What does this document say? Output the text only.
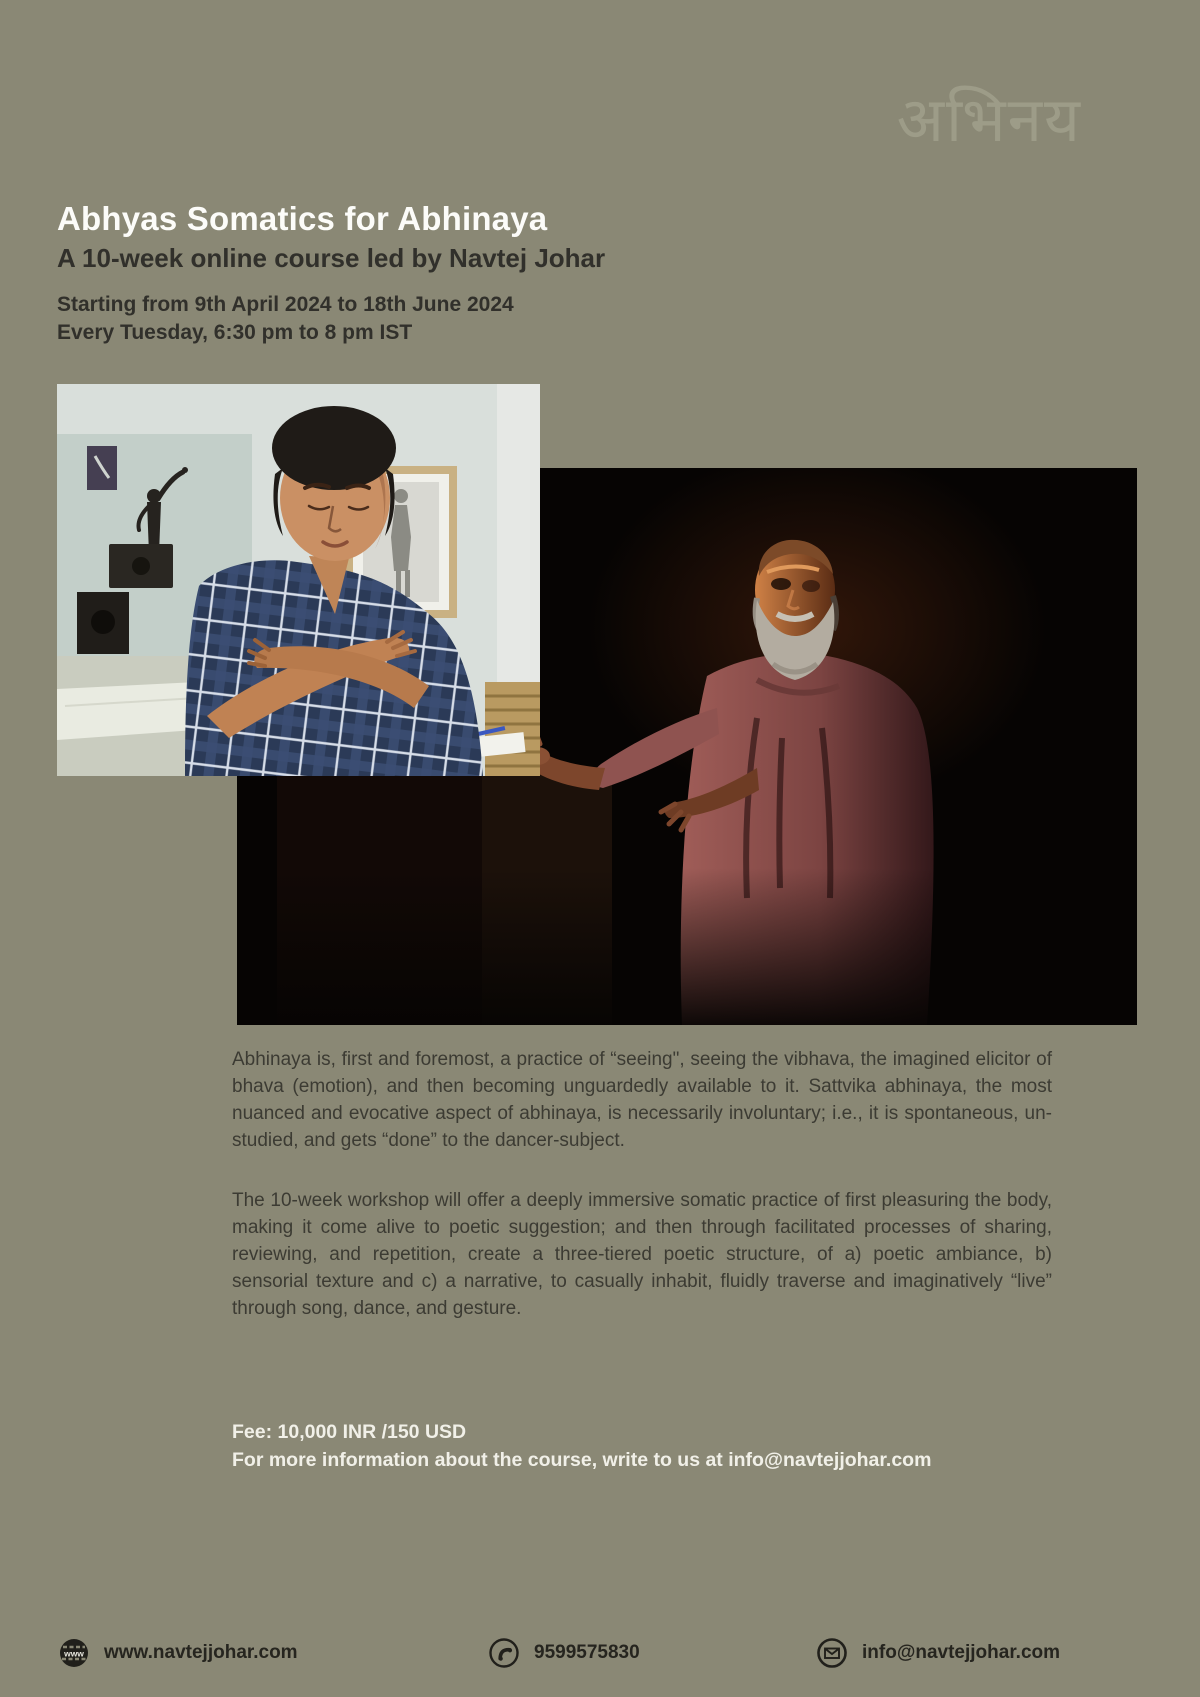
अभिनय
Abhyas Somatics for Abhinaya
A 10-week online course led by Navtej Johar
Starting from 9th April 2024 to 18th June 2024
Every Tuesday, 6:30 pm to 8 pm IST

Abhinaya is, first and foremost, a practice of “seeing", seeing the vibhava, the imagined elicitor of bhava (emotion), and then becoming unguardedly available to it. Sattvika abhinaya, the most nuanced and evocative aspect of abhinaya, is necessarily involuntary; i.e., it is spontaneous, un-studied, and gets “done” to the dancer-subject.

The 10-week workshop will offer a deeply immersive somatic practice of first pleasuring the body, making it come alive to poetic suggestion; and then through facilitated processes of sharing, reviewing, and repetition, create a three-tiered poetic structure, of a) poetic ambiance, b) sensorial texture and c) a narrative, to casually inhabit, fluidly traverse and imaginatively “live” through song, dance, and gesture.

Fee: 10,000 INR /150 USD
For more information about the course, write to us at info@navtejjohar.com
www www.navtejjohar.com	9599575830	info@navtejjohar.com
